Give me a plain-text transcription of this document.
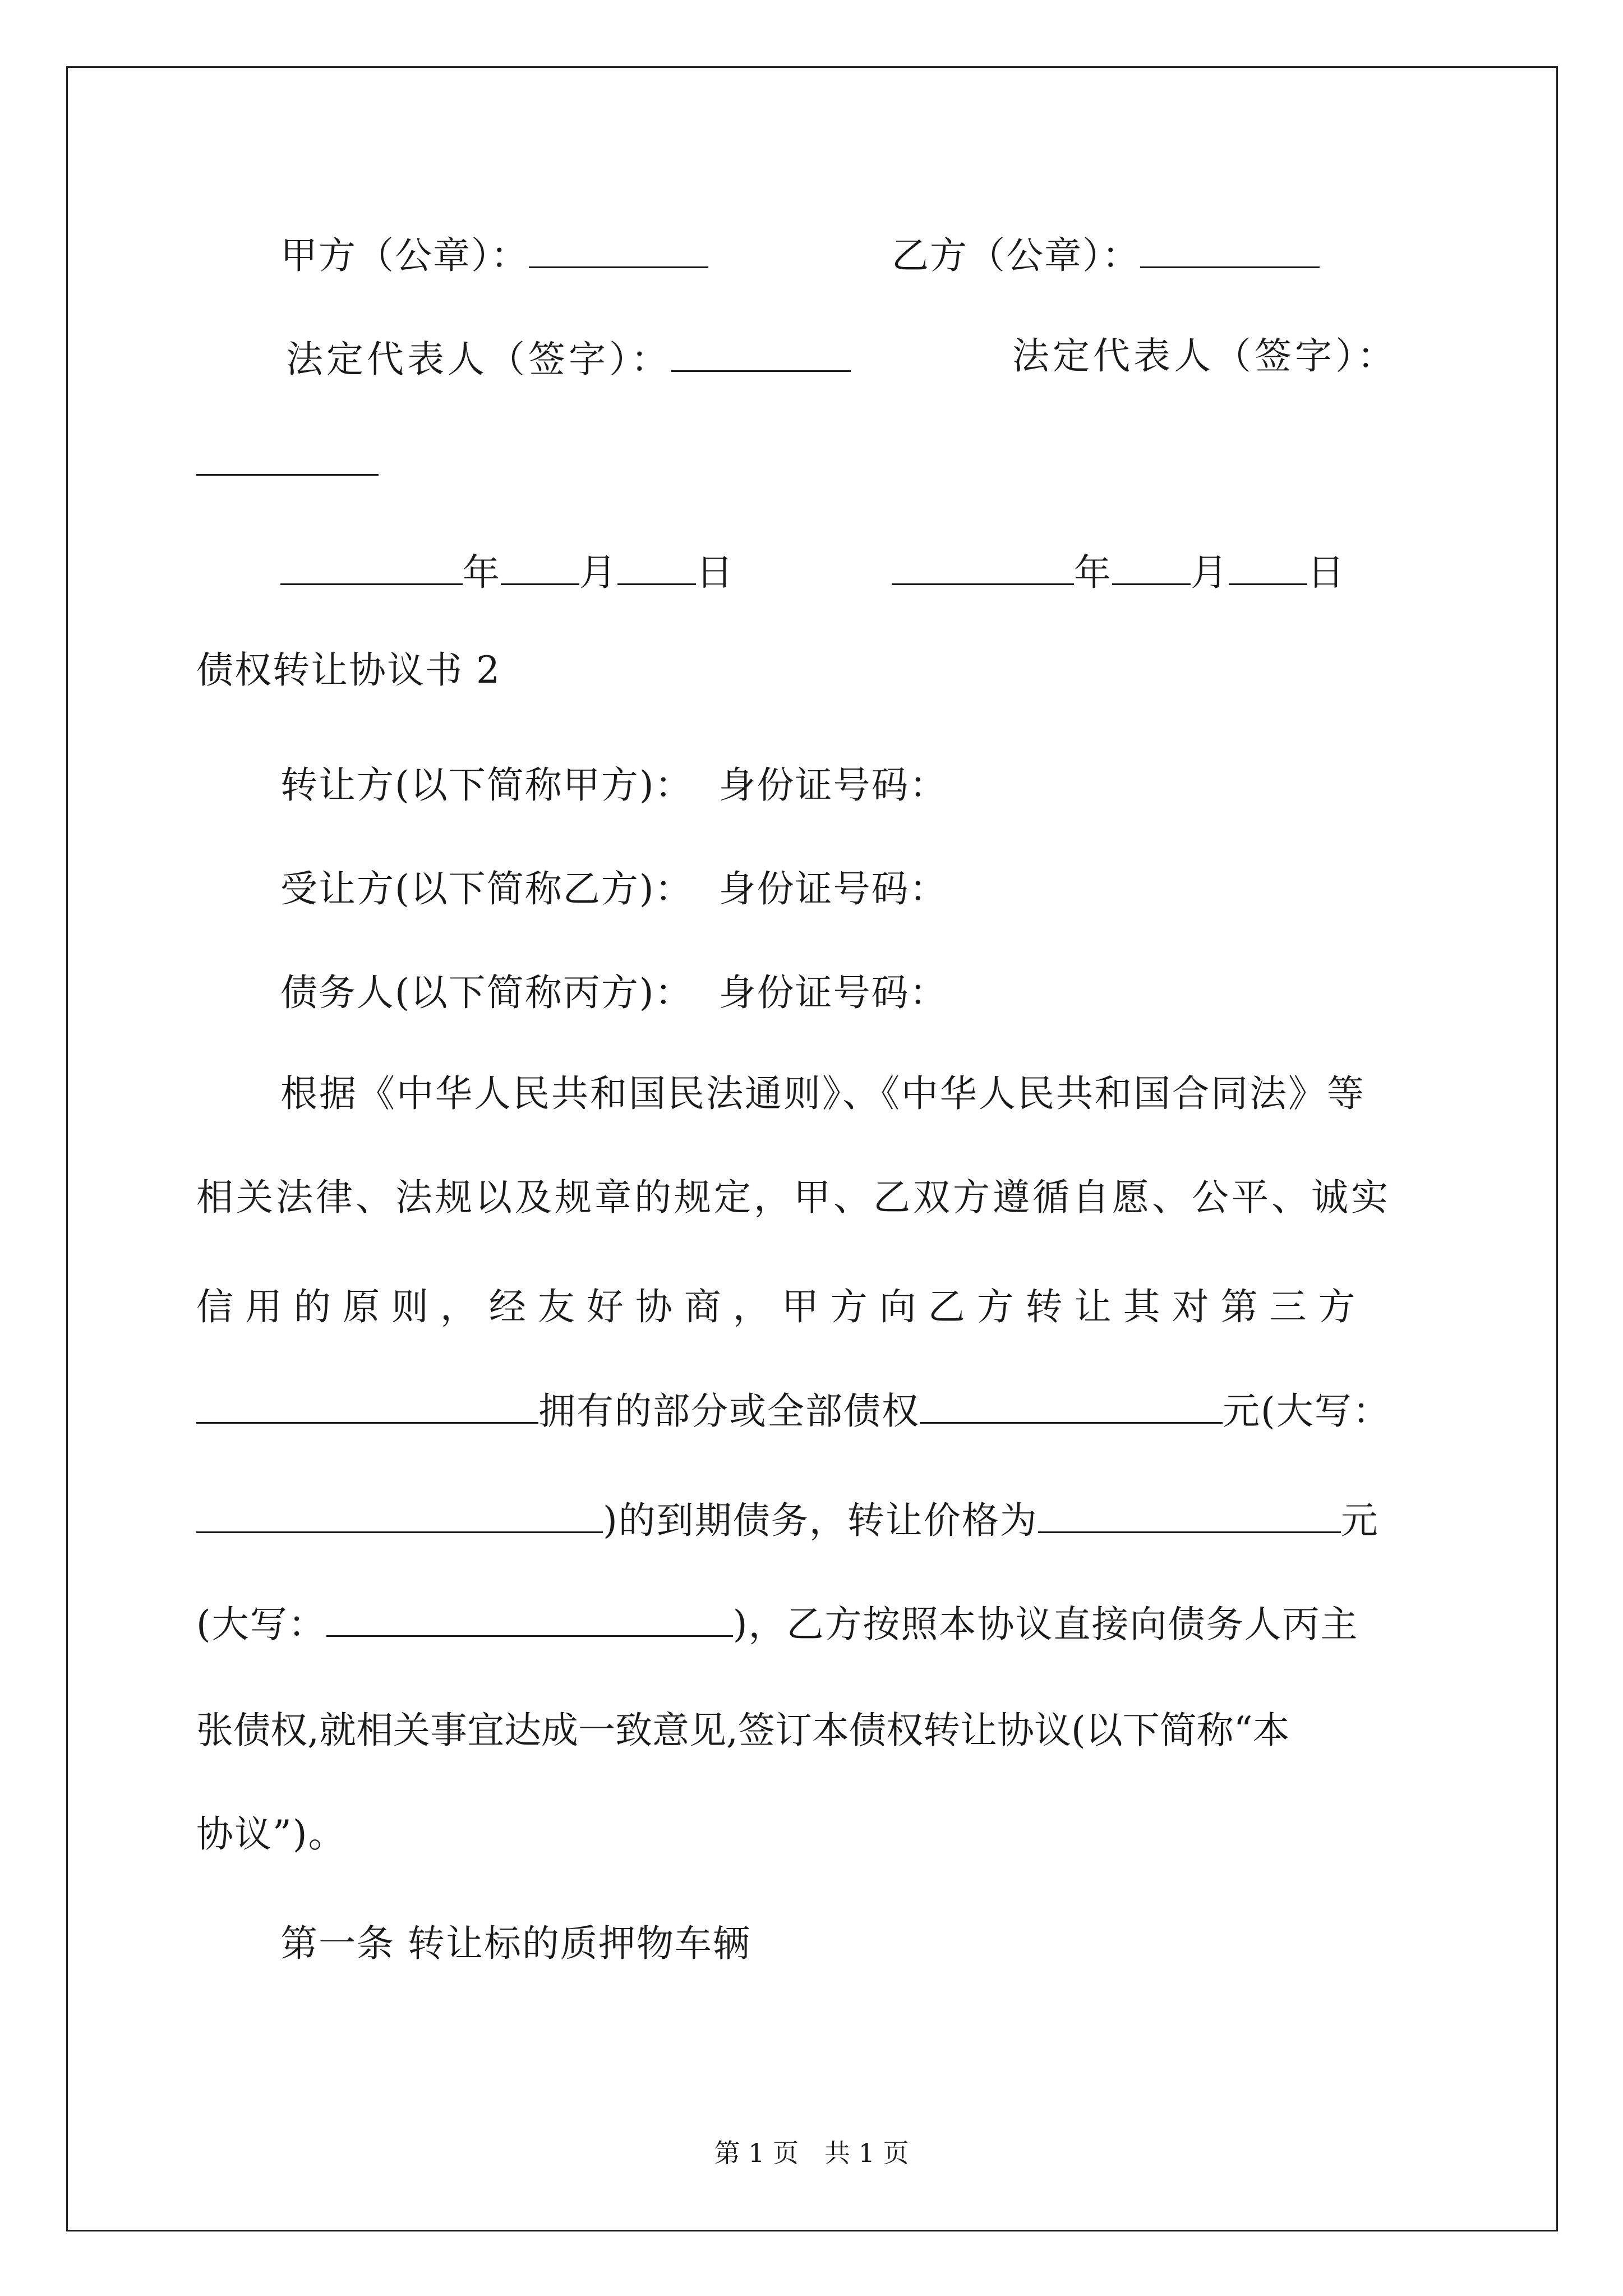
甲方（公章）：	乙方（公章）：
法定代表人（签字）：	法定代表人（签字）：
年 月 日	年 月 日
债权转让协议书 2
转让方(以下简称甲方)： 身份证号码：
受让方(以下简称乙方)： 身份证号码：
债务人(以下简称丙方)： 身份证号码：
根据《中华人民共和国民法通则》、《中华人民共和国合同法》等
相关法律、法规以及规章的规定，甲、乙双方遵循自愿、公平、诚实
信 用 的 原 则 ， 经 友 好 协 商 ， 甲 方 向 乙 方 转 让 其 对 第 三 方
拥有的部分或全部债权	元(大写：
)的到期债务，转让价格为	元
(大写：	)，乙方按照本协议直接向债务人丙主
张债权,就相关事宜达成一致意见,签订本债权转让协议(以下简称“本
协议”)。
第一条 转让标的质押物车辆
第 1 页　共 1 页
